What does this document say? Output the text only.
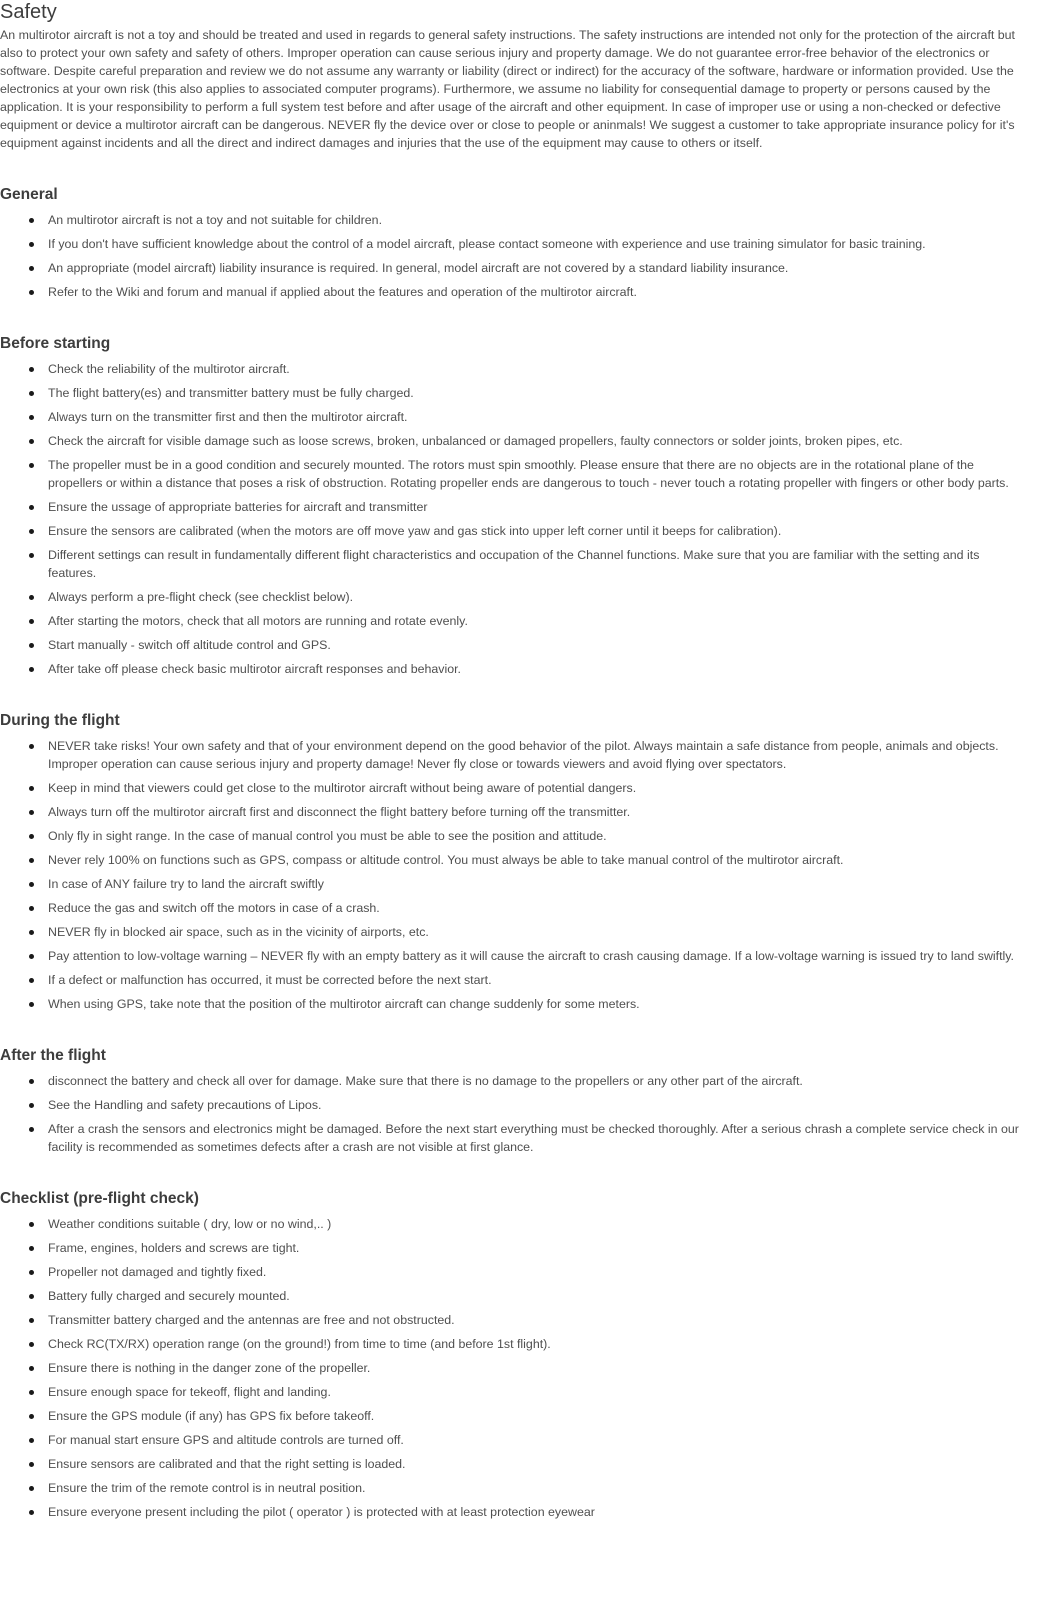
Safety

An multirotor aircraft is not a toy and should be treated and used in regards to general safety instructions. The safety instructions are intended not only for the protection of the aircraft but also to protect your own safety and safety of others. Improper operation can cause serious injury and property damage. We do not guarantee error-free behavior of the electronics or software. Despite careful preparation and review we do not assume any warranty or liability (direct or indirect) for the accuracy of the software, hardware or information provided. Use the electronics at your own risk (this also applies to associated computer programs). Furthermore, we assume no liability for consequential damage to property or persons caused by the application. It is your responsibility to perform a full system test before and after usage of the aircraft and other equipment. In case of improper use or using a non-checked or defective equipment or device a multirotor aircraft can be dangerous. NEVER fly the device over or close to people or aninmals! We suggest a customer to take appropriate insurance policy for it's equipment against incidents and all the direct and indirect damages and injuries that the use of the equipment may cause to others or itself.

General
An multirotor aircraft is not a toy and not suitable for children.
If you don't have sufficient knowledge about the control of a model aircraft, please contact someone with experience and use training simulator for basic training.
An appropriate (model aircraft) liability insurance is required. In general, model aircraft are not covered by a standard liability insurance.
Refer to the Wiki and forum and manual if applied about the features and operation of the multirotor aircraft.
Before starting
Check the reliability of the multirotor aircraft.
The flight battery(es) and transmitter battery must be fully charged.
Always turn on the transmitter first and then the multirotor aircraft.
Check the aircraft for visible damage such as loose screws, broken, unbalanced or damaged propellers, faulty connectors or solder joints, broken pipes, etc.
The propeller must be in a good condition and securely mounted. The rotors must spin smoothly. Please ensure that there are no objects are in the rotational plane of the propellers or within a distance that poses a risk of obstruction. Rotating propeller ends are dangerous to touch - never touch a rotating propeller with fingers or other body parts.
Ensure the ussage of appropriate batteries for aircraft and transmitter
Ensure the sensors are calibrated (when the motors are off move yaw and gas stick into upper left corner until it beeps for calibration).
Different settings can result in fundamentally different flight characteristics and occupation of the Channel functions. Make sure that you are familiar with the setting and its features.
Always perform a pre-flight check (see checklist below).
After starting the motors, check that all motors are running and rotate evenly.
Start manually - switch off altitude control and GPS.
After take off please check basic multirotor aircraft responses and behavior.
During the flight
NEVER take risks! Your own safety and that of your environment depend on the good behavior of the pilot. Always maintain a safe distance from people, animals and objects. Improper operation can cause serious injury and property damage! Never fly close or towards viewers and avoid flying over spectators.
Keep in mind that viewers could get close to the multirotor aircraft without being aware of potential dangers.
Always turn off the multirotor aircraft first and disconnect the flight battery before turning off the transmitter.
Only fly in sight range. In the case of manual control you must be able to see the position and attitude.
Never rely 100% on functions such as GPS, compass or altitude control. You must always be able to take manual control of the multirotor aircraft.
In case of ANY failure try to land the aircraft swiftly
Reduce the gas and switch off the motors in case of a crash.
NEVER fly in blocked air space, such as in the vicinity of airports, etc.
Pay attention to low-voltage warning – NEVER fly with an empty battery as it will cause the aircraft to crash causing damage. If a low-voltage warning is issued try to land swiftly.
If a defect or malfunction has occurred, it must be corrected before the next start.
When using GPS, take note that the position of the multirotor aircraft can change suddenly for some meters.
After the flight
disconnect the battery and check all over for damage. Make sure that there is no damage to the propellers or any other part of the aircraft.
See the Handling and safety precautions of Lipos.
After a crash the sensors and electronics might be damaged. Before the next start everything must be checked thoroughly. After a serious chrash a complete service check in our facility is recommended as sometimes defects after a crash are not visible at first glance.
Checklist (pre-flight check)
Weather conditions suitable ( dry, low or no wind,.. )
Frame, engines, holders and screws are tight.
Propeller not damaged and tightly fixed.
Battery fully charged and securely mounted.
Transmitter battery charged and the antennas are free and not obstructed.
Check RC(TX/RX) operation range (on the ground!) from time to time (and before 1st flight).
Ensure there is nothing in the danger zone of the propeller.
Ensure enough space for tekeoff, flight and landing.
Ensure the GPS module (if any) has GPS fix before takeoff.
For manual start ensure GPS and altitude controls are turned off.
Ensure sensors are calibrated and that the right setting is loaded.
Ensure the trim of the remote control is in neutral position.
Ensure everyone present including the pilot ( operator ) is protected with at least protection eyewear
